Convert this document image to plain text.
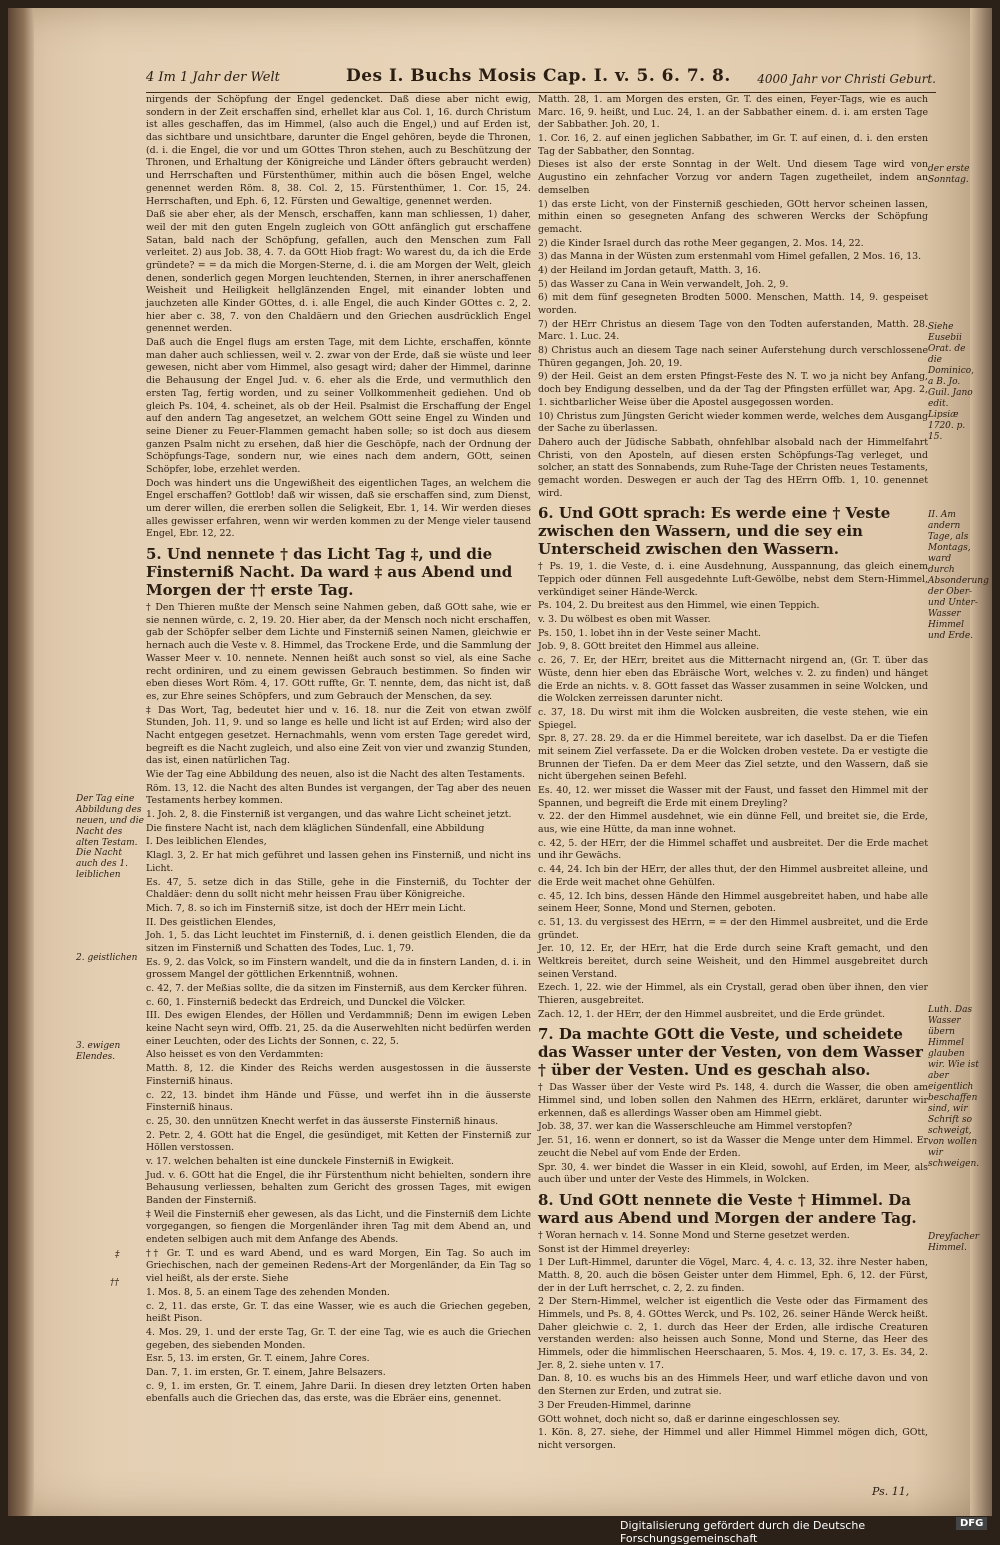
4 Im 1 Jahr der Welt	Des I. Buchs Mosis Cap. I. v. 5. 6. 7. 8. 4000 Jahr vor Christi Geburt.

nirgends der Schöpfung der Engel gedencket. Daß diese aber nicht ewig, sondern in der Zeit erschaffen sind, erhellet klar aus Col. 1, 16. durch Christum ist alles geschaffen, das im Himmel, (also auch die Engel,) und auf Erden ist, das sichtbare und unsichtbare, darunter die Engel gehören, beyde die Thronen, (d. i. die Engel, die vor und um GOttes Thron stehen, auch zu Beschützung der Thronen, und Erhaltung der Königreiche und Länder öfters gebraucht werden) und Herrschaften und Fürstenthümer, mithin auch die bösen Engel, welche genennet werden Röm. 8, 38. Col. 2, 15. Fürstenthümer, 1. Cor. 15, 24. Herrschaften, und Eph. 6, 12. Fürsten und Gewaltige, genennet werden.

Daß sie aber eher, als der Mensch, erschaffen, kann man schliessen, 1) daher, weil der mit den guten Engeln zugleich von GOtt anfänglich gut erschaffene Satan, bald nach der Schöpfung, gefallen, auch den Menschen zum Fall verleitet. 2) aus Job. 38, 4. 7. da GOtt Hiob fragt: Wo warest du, da ich die Erde gründete? = = da mich die Morgen-Sterne, d. i. die am Morgen der Welt, gleich denen, sonderlich gegen Morgen leuchtenden, Sternen, in ihrer anerschaffenen Weisheit und Heiligkeit hellglänzenden Engel, mit einander lobten und jauchzeten alle Kinder GOttes, d. i. alle Engel, die auch Kinder GOttes c. 2, 2. hier aber c. 38, 7. von den Chaldäern und den Griechen ausdrücklich Engel genennet werden.

Daß auch die Engel flugs am ersten Tage, mit dem Lichte, erschaffen, könnte man daher auch schliessen, weil v. 2. zwar von der Erde, daß sie wüste und leer gewesen, nicht aber vom Himmel, also gesagt wird; daher der Himmel, darinne die Behausung der Engel Jud. v. 6. eher als die Erde, und vermuthlich den ersten Tag, fertig worden, und zu seiner Vollkommenheit gediehen. Und ob gleich Ps. 104, 4. scheinet, als ob der Heil. Psalmist die Erschaffung der Engel auf den andern Tag angesetzet, an welchem GOtt seine Engel zu Winden und seine Diener zu Feuer-Flammen gemacht haben solle; so ist doch aus diesem ganzen Psalm nicht zu ersehen, daß hier die Geschöpfe, nach der Ordnung der Schöpfungs-Tage, sondern nur, wie eines nach dem andern, GOtt, seinen Schöpfer, lobe, erzehlet werden.

Doch was hindert uns die Ungewißheit des eigentlichen Tages, an welchem die Engel erschaffen? Gottlob! daß wir wissen, daß sie erschaffen sind, zum Dienst, um derer willen, die ererben sollen die Seligkeit, Ebr. 1, 14. Wir werden dieses alles gewisser erfahren, wenn wir werden kommen zu der Menge vieler tausend Engel, Ebr. 12, 22.

5. Und nennete † das Licht Tag ‡, und die Finsterniß Nacht. Da ward ‡ aus Abend und Morgen der †† erste Tag.

† Den Thieren mußte der Mensch seine Nahmen geben, daß GOtt sahe, wie er sie nennen würde, c. 2, 19. 20. Hier aber, da der Mensch noch nicht erschaffen, gab der Schöpfer selber dem Lichte und Finsterniß seinen Namen, gleichwie er hernach auch die Veste v. 8. Himmel, das Trockene Erde, und die Sammlung der Wasser Meer v. 10. nennete. Nennen heißt auch sonst so viel, als eine Sache recht ordiniren, und zu einem gewissen Gebrauch bestimmen. So finden wir eben dieses Wort Röm. 4, 17. GOtt ruffte, Gr. T. nennte, dem, das nicht ist, daß es, zur Ehre seines Schöpfers, und zum Gebrauch der Menschen, da sey.

‡ Das Wort, Tag, bedeutet hier und v. 16. 18. nur die Zeit von etwan zwölf Stunden, Joh. 11, 9. und so lange es helle und licht ist auf Erden; wird also der Nacht entgegen gesetzet. Hernachmahls, wenn vom ersten Tage geredet wird, begreift es die Nacht zugleich, und also eine Zeit von vier und zwanzig Stunden, das ist, einen natürlichen Tag.

Wie der Tag eine Abbildung des neuen, also ist die Nacht des alten Testaments.

Röm. 13, 12. die Nacht des alten Bundes ist vergangen, der Tag aber des neuen Testaments herbey kommen.

1. Joh. 2, 8. die Finsterniß ist vergangen, und das wahre Licht scheinet jetzt.

Die finstere Nacht ist, nach dem kläglichen Sündenfall, eine Abbildung

I. Des leiblichen Elendes,

Klagl. 3, 2. Er hat mich geführet und lassen gehen ins Finsterniß, und nicht ins Licht.

Es. 47, 5. setze dich in das Stille, gehe in die Finsterniß, du Tochter der Chaldäer: denn du sollt nicht mehr heissen Frau über Königreiche.

Mich. 7, 8. so ich im Finsterniß sitze, ist doch der HErr mein Licht.

II. Des geistlichen Elendes,

Joh. 1, 5. das Licht leuchtet im Finsterniß, d. i. denen geistlich Elenden, die da sitzen im Finsterniß und Schatten des Todes, Luc. 1, 79.

Es. 9, 2. das Volck, so im Finstern wandelt, und die da in finstern Landen, d. i. in grossem Mangel der göttlichen Erkenntniß, wohnen.

c. 42, 7. der Meßias sollte, die da sitzen im Finsterniß, aus dem Kercker führen.

c. 60, 1. Finsterniß bedeckt das Erdreich, und Dunckel die Völcker.

III. Des ewigen Elendes, der Höllen und Verdammniß; Denn im ewigen Leben keine Nacht seyn wird, Offb. 21, 25. da die Auserwehlten nicht bedürfen werden einer Leuchten, oder des Lichts der Sonnen, c. 22, 5.

Also heisset es von den Verdammten:

Matth. 8, 12. die Kinder des Reichs werden ausgestossen in die äusserste Finsterniß hinaus.

c. 22, 13. bindet ihm Hände und Füsse, und werfet ihn in die äusserste Finsterniß hinaus.

c. 25, 30. den unnützen Knecht werfet in das äusserste Finsterniß hinaus.

2. Petr. 2, 4. GOtt hat die Engel, die gesündiget, mit Ketten der Finsterniß zur Höllen verstossen.

v. 17. welchen behalten ist eine dunckele Finsterniß in Ewigkeit.

Jud. v. 6. GOtt hat die Engel, die ihr Fürstenthum nicht behielten, sondern ihre Behausung verliessen, behalten zum Gericht des grossen Tages, mit ewigen Banden der Finsterniß.

‡ Weil die Finsterniß eher gewesen, als das Licht, und die Finsterniß dem Lichte vorgegangen, so fiengen die Morgenländer ihren Tag mit dem Abend an, und endeten selbigen auch mit dem Anfange des Abends.

†† Gr. T. und es ward Abend, und es ward Morgen, Ein Tag. So auch im Griechischen, nach der gemeinen Redens-Art der Morgenländer, da Ein Tag so viel heißt, als der erste. Siehe

1. Mos. 8, 5. an einem Tage des zehenden Monden.

c. 2, 11. das erste, Gr. T. das eine Wasser, wie es auch die Griechen gegeben, heißt Pison.

4. Mos. 29, 1. und der erste Tag, Gr. T. der eine Tag, wie es auch die Griechen gegeben, des siebenden Monden.

Esr. 5, 13. im ersten, Gr. T. einem, Jahre Cores.

Dan. 7, 1. im ersten, Gr. T. einem, Jahre Belsazers.

c. 9, 1. im ersten, Gr. T. einem, Jahre Darii. In diesen drey letzten Orten haben ebenfalls auch die Griechen das, das erste, was die Ebräer eins, genennet.

Matth. 28, 1. am Morgen des ersten, Gr. T. des einen, Feyer-Tags, wie es auch Marc. 16, 9. heißt, und Luc. 24, 1. an der Sabbather einem. d. i. am ersten Tage der Sabbather. Joh. 20, 1.

1. Cor. 16, 2. auf einen jeglichen Sabbather, im Gr. T. auf einen, d. i. den ersten Tag der Sabbather, den Sonntag.

Dieses ist also der erste Sonntag in der Welt. Und diesem Tage wird von Augustino ein zehnfacher Vorzug vor andern Tagen zugetheilet, indem an demselben

1) das erste Licht, von der Finsterniß geschieden, GOtt hervor scheinen lassen, mithin einen so gesegneten Anfang des schweren Wercks der Schöpfung gemacht.

2) die Kinder Israel durch das rothe Meer gegangen, 2. Mos. 14, 22.

3) das Manna in der Wüsten zum erstenmahl vom Himel gefallen, 2 Mos. 16, 13.

4) der Heiland im Jordan getauft, Matth. 3, 16.

5) das Wasser zu Cana in Wein verwandelt, Joh. 2, 9.

6) mit dem fünf gesegneten Brodten 5000. Menschen, Matth. 14, 9. gespeiset worden.

7) der HErr Christus an diesem Tage von den Todten auferstanden, Matth. 28. Marc. 1. Luc. 24.

8) Christus auch an diesem Tage nach seiner Auferstehung durch verschlossene Thüren gegangen, Joh. 20, 19.

9) der Heil. Geist an dem ersten Pfingst-Feste des N. T. wo ja nicht bey Anfang, doch bey Endigung desselben, und da der Tag der Pfingsten erfüllet war, Apg. 2, 1. sichtbarlicher Weise über die Apostel ausgegossen worden.

10) Christus zum Jüngsten Gericht wieder kommen werde, welches dem Ausgang der Sache zu überlassen.

Dahero auch der Jüdische Sabbath, ohnfehlbar alsobald nach der Himmelfahrt Christi, von den Aposteln, auf diesen ersten Schöpfungs-Tag verleget, und solcher, an statt des Sonnabends, zum Ruhe-Tage der Christen neues Testaments, gemacht worden. Deswegen er auch der Tag des HErrn Offb. 1, 10. genennet wird.

6. Und GOtt sprach: Es werde eine † Veste zwischen den Wassern, und die sey ein Unterscheid zwischen den Wassern.

† Ps. 19, 1. die Veste, d. i. eine Ausdehnung, Ausspannung, das gleich einem Teppich oder dünnen Fell ausgedehnte Luft-Gewölbe, nebst dem Stern-Himmel, verkündiget seiner Hände-Werck.

Ps. 104, 2. Du breitest aus den Himmel, wie einen Teppich.

v. 3. Du wölbest es oben mit Wasser.

Ps. 150, 1. lobet ihn in der Veste seiner Macht.

Job. 9, 8. GOtt breitet den Himmel aus alleine.

c. 26, 7. Er, der HErr, breitet aus die Mitternacht nirgend an, (Gr. T. über das Wüste, denn hier eben das Ebräische Wort, welches v. 2. zu finden) und hänget die Erde an nichts. v. 8. GOtt fasset das Wasser zusammen in seine Wolcken, und die Wolcken zerreissen darunter nicht.

c. 37, 18. Du wirst mit ihm die Wolcken ausbreiten, die veste stehen, wie ein Spiegel.

Spr. 8, 27. 28. 29. da er die Himmel bereitete, war ich daselbst. Da er die Tiefen mit seinem Ziel verfassete. Da er die Wolcken droben vestete. Da er vestigte die Brunnen der Tiefen. Da er dem Meer das Ziel setzte, und den Wassern, daß sie nicht übergehen seinen Befehl.

Es. 40, 12. wer misset die Wasser mit der Faust, und fasset den Himmel mit der Spannen, und begreift die Erde mit einem Dreyling?

v. 22. der den Himmel ausdehnet, wie ein dünne Fell, und breitet sie, die Erde, aus, wie eine Hütte, da man inne wohnet.

c. 42, 5. der HErr, der die Himmel schaffet und ausbreitet. Der die Erde machet und ihr Gewächs.

c. 44, 24. Ich bin der HErr, der alles thut, der den Himmel ausbreitet alleine, und die Erde weit machet ohne Gehülfen.

c. 45, 12. Ich bins, dessen Hände den Himmel ausgebreitet haben, und habe alle seinem Heer, Sonne, Mond und Sternen, geboten.

c. 51, 13. du vergissest des HErrn, = = der den Himmel ausbreitet, und die Erde gründet.

Jer. 10, 12. Er, der HErr, hat die Erde durch seine Kraft gemacht, und den Weltkreis bereitet, durch seine Weisheit, und den Himmel ausgebreitet durch seinen Verstand.

Ezech. 1, 22. wie der Himmel, als ein Crystall, gerad oben über ihnen, den vier Thieren, ausgebreitet.

Zach. 12, 1. der HErr, der den Himmel ausbreitet, und die Erde gründet.

7. Da machte GOtt die Veste, und scheidete das Wasser unter der Vesten, von dem Wasser † über der Vesten. Und es geschah also.

† Das Wasser über der Veste wird Ps. 148, 4. durch die Wasser, die oben am Himmel sind, und loben sollen den Nahmen des HErrn, erkläret, darunter wir erkennen, daß es allerdings Wasser oben am Himmel giebt.

Job. 38, 37. wer kan die Wasserschleuche am Himmel verstopfen?

Jer. 51, 16. wenn er donnert, so ist da Wasser die Menge unter dem Himmel. Er zeucht die Nebel auf vom Ende der Erden.

Spr. 30, 4. wer bindet die Wasser in ein Kleid, sowohl, auf Erden, im Meer, als auch über und unter der Veste des Himmels, in Wolcken.

8. Und GOtt nennete die Veste † Himmel. Da ward aus Abend und Morgen der andere Tag.

† Woran hernach v. 14. Sonne Mond und Sterne gesetzet werden.

Sonst ist der Himmel dreyerley:

1 Der Luft-Himmel, darunter die Vögel, Marc. 4, 4. c. 13, 32. ihre Nester haben, Matth. 8, 20. auch die bösen Geister unter dem Himmel, Eph. 6, 12. der Fürst, der in der Luft herrschet, c. 2, 2. zu finden.

2 Der Stern-Himmel, welcher ist eigentlich die Veste oder das Firmament des Himmels, und Ps. 8, 4. GOttes Werck, und Ps. 102, 26. seiner Hände Werck heißt. Daher gleichwie c. 2, 1. durch das Heer der Erden, alle irdische Creaturen verstanden werden: also heissen auch Sonne, Mond und Sterne, das Heer des Himmels, oder die himmlischen Heerschaaren, 5. Mos. 4, 19. c. 17, 3. Es. 34, 2. Jer. 8, 2. siehe unten v. 17.

Dan. 8, 10. es wuchs bis an des Himmels Heer, und warf etliche davon und von den Sternen zur Erden, und zutrat sie.

3 Der Freuden-Himmel, darinne

GOtt wohnet, doch nicht so, daß er darinne eingeschlossen sey.

1. Kön. 8, 27. siehe, der Himmel und aller Himmel Himmel mögen dich, GOtt, nicht versorgen.

Der Tag eine Abbildung des neuen, und die Nacht des alten Testam.
Die Nacht auch des 1. leiblichen
2. geistlichen
3. ewigen Elendes.
‡
††
der erste Sonntag.
Siehe Eusebii Orat. de die Dominico, a B. Jo. Guil. Jano edit. Lipsiæ 1720. p. 15.
II. Am andern Tage, als Montags, ward durch Absonderung der Ober- und Unter-Wasser Himmel und Erde.
Luth. Das Wasser übern Himmel glauben wir. Wie ist aber eigentlich beschaffen sind, wir Schrift so schweigt, von wollen wir schweigen.
Dreyfacher Himmel.
Ps. 11,
Digitalisierung gefördert durch die Deutsche Forschungsgemeinschaft
DFG
